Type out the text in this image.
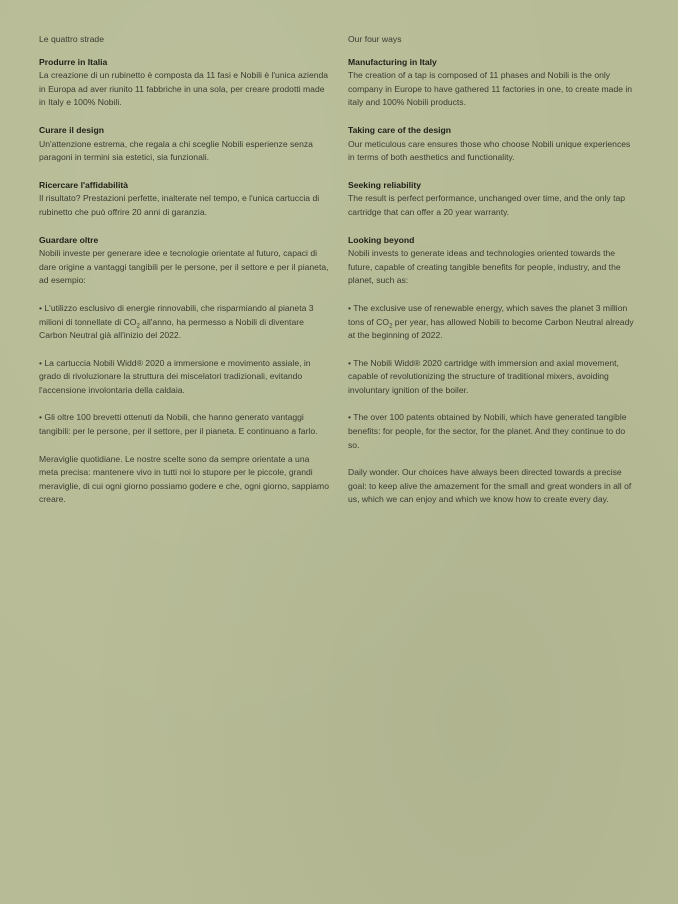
Le quattro strade

Produrre in Italia

La creazione di un rubinetto è composta da 11 fasi e Nobili è l'unica azienda in Europa ad aver riunito 11 fabbriche in una sola, per creare prodotti made in Italy e 100% Nobili.

Curare il design

Un'attenzione estrema, che regala a chi sceglie Nobili esperienze senza paragoni in termini sia estetici, sia funzionali.

Ricercare l'affidabilità

Il risultato? Prestazioni perfette, inalterate nel tempo, e l'unica cartuccia di rubinetto che può offrire 20 anni di garanzia.

Guardare oltre

Nobili investe per generare idee e tecnologie orientate al futuro, capaci di dare origine a vantaggi tangibili per le persone, per il settore e per il pianeta, ad esempio:

• L'utilizzo esclusivo di energie rinnovabili, che risparmiando al pianeta 3 milioni di tonnellate di $CO_2$ all'anno, ha permesso a Nobili di diventare Carbon Neutral già all'inizio del 2022.

• La cartuccia Nobili Widd® 2020 a immersione e movimento assiale, in grado di rivoluzionare la struttura dei miscelatori tradizionali, evitando l'accensione involontaria della caldaia.

• Gli oltre 100 brevetti ottenuti da Nobili, che hanno generato vantaggi tangibili: per le persone, per il settore, per il pianeta. E continuano a farlo.

Meraviglie quotidiane. Le nostre scelte sono da sempre orientate a una meta precisa: mantenere vivo in tutti noi lo stupore per le piccole, grandi meraviglie, di cui ogni giorno possiamo godere e che, ogni giorno, sappiamo creare.

Our four ways

Manufacturing in Italy

The creation of a tap is composed of 11 phases and Nobili is the only company in Europe to have gathered 11 factories in one, to create made in italy and 100% Nobili products.

Taking care of the design

Our meticulous care ensures those who choose Nobili unique experiences in terms of both aesthetics and functionality.

Seeking reliability

The result is perfect performance, unchanged over time, and the only tap cartridge that can offer a 20 year warranty.

Looking beyond

Nobili invests to generate ideas and technologies oriented towards the future, capable of creating tangible benefits for people, industry, and the planet, such as:

• The exclusive use of renewable energy, which saves the planet 3 million tons of $CO_2$ per year, has allowed Nobili to become Carbon Neutral already at the beginning of 2022.

• The Nobili Widd® 2020 cartridge with immersion and axial movement, capable of revolutionizing the structure of traditional mixers, avoiding involuntary ignition of the boiler.

• The over 100 patents obtained by Nobili, which have generated tangible benefits: for people, for the sector, for the planet. And they continue to do so.

Daily wonder. Our choices have always been directed towards a precise goal: to keep alive the amazement for the small and great wonders in all of us, which we can enjoy and which we know how to create every day.
